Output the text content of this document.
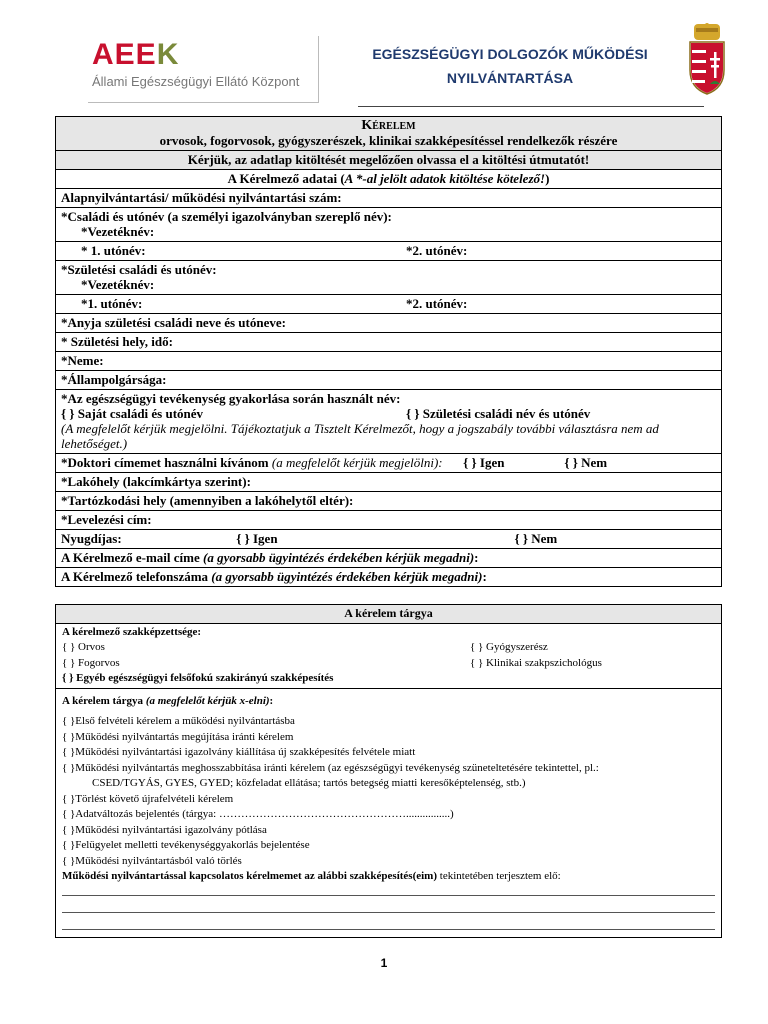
AEEK
Állami Egészségügyi Ellátó Központ
EGÉSZSÉGÜGYI DOLGOZÓK MŰKÖDÉSI
NYILVÁNTARTÁSA
Kérelem
orvosok, fogorvosok, gyógyszerészek, klinikai szakképesítéssel rendelkezők részére

Kérjük, az adatlap kitöltését megelőzően olvassa el a kitöltési útmutatót!
A Kérelmező adatai (A *-al jelölt adatok kitöltése kötelező!)
Alapnyilvántartási/ működési nyilvántartási szám:

*Családi és utónév (a személyi igazolványban szereplő név):
*Vezetéknév:
* 1. utónév:	*2. utónév:

*Születési családi és utónév:
*Vezetéknév:
*1. utónév:	*2. utónév:
*Anyja születési családi neve és utóneve:
* Születési hely, idő:
*Neme:
*Állampolgársága:

*Az egészségügyi tevékenység gyakorlása során használt név:
{ } Saját családi és utónév	{ } Születési családi név és utónév
(A megfelelőt kérjük megjelölni. Tájékoztatjuk a Tisztelt Kérelmezőt, hogy a jogszabály további választásra nem ad lehetőséget.)

*Doktori címemet használni kívánom (a megfelelőt kérjük megjelölni): { } Igen	{ } Nem
*Lakóhely (lakcímkártya szerint):
*Tartózkodási hely (amennyiben a lakóhelytől eltér):
*Levelezési cím:
Nyugdíjas:	{ } Igen	{ } Nem
A Kérelmező e-mail címe (a gyorsabb ügyintézés érdekében kérjük megadni):
A Kérelmező telefonszáma (a gyorsabb ügyintézés érdekében kérjük megadni):
A kérelem tárgya

A kérelmező szakképzettsége:
{ } Orvos	{ } Gyógyszerész
{ } Fogorvos	{ } Klinikai szakpszichológus
{ } Egyéb egészségügyi felsőfokú szakirányú szakképesítés

A kérelem tárgya (a megfelelőt kérjük x-elni):
{ }Első felvételi kérelem a működési nyilvántartásba
{ }Működési nyilvántartás megújítása iránti kérelem
{ }Működési nyilvántartási igazolvány kiállítása új szakképesítés felvétele miatt
{ }Működési nyilvántartás meghosszabbítása iránti kérelem (az egészségügyi tevékenység szüneteltetésére tekintettel, pl.:
CSED/TGYÁS, GYES, GYED; közfeladat ellátása; tartós betegség miatti keresőképtelenség, stb.)
{ }Törlést követő újrafelvételi kérelem
{ }Adatváltozás bejelentés (tárgya: ……………………………………………................)
{ }Működési nyilvántartási igazolvány pótlása
{ }Felügyelet melletti tevékenységgyakorlás bejelentése
{ }Működési nyilvántartásból való törlés
Működési nyilvántartással kapcsolatos kérelmemet az alábbi szakképesítés(eim) tekintetében terjesztem elő:
1
